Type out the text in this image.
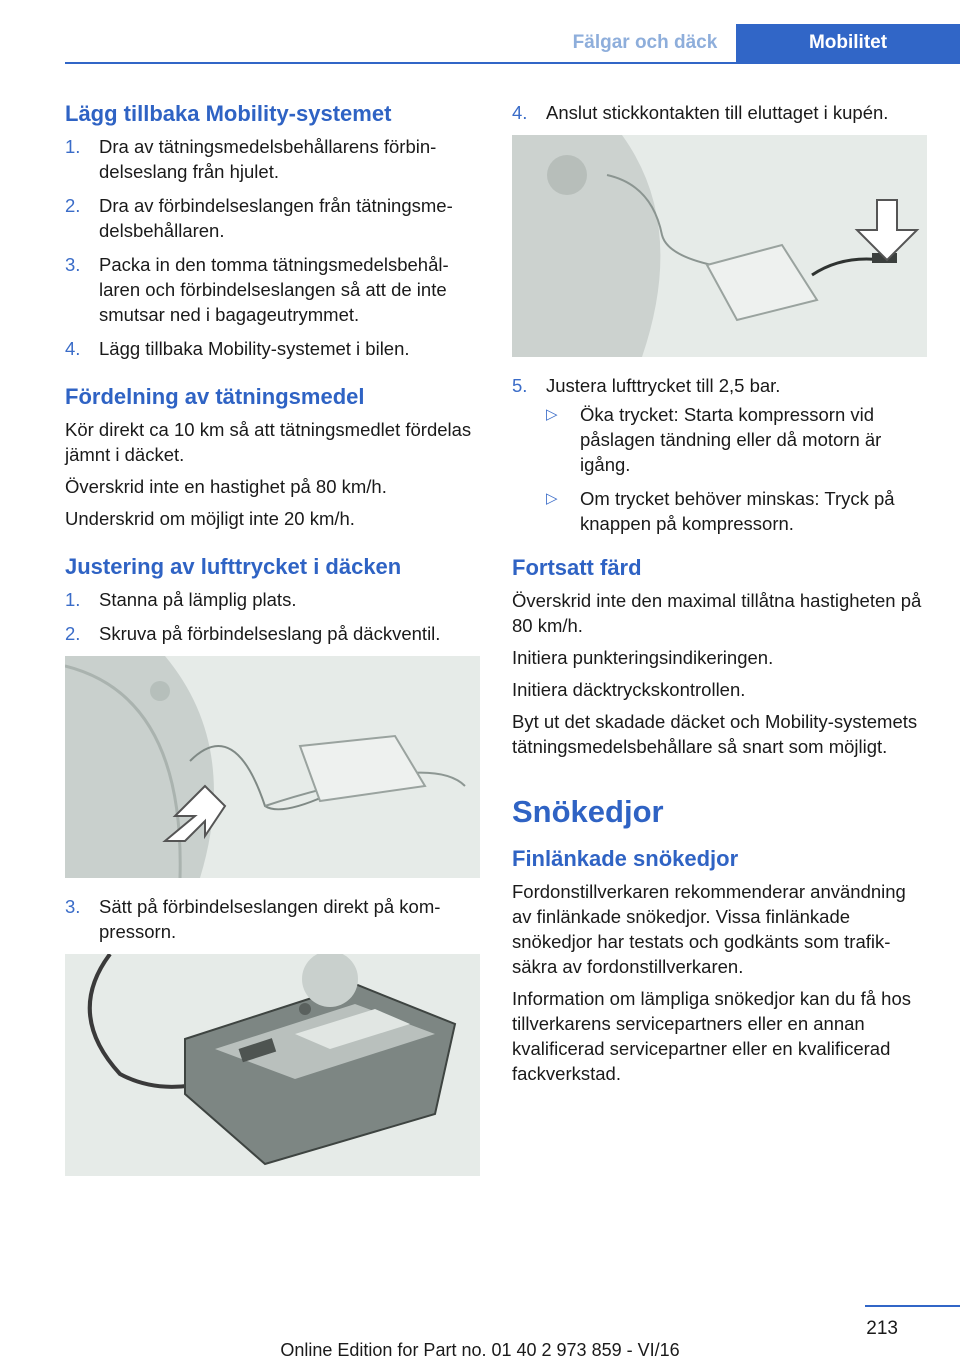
Fälgar och däck	Mobilitet
Lägg tillbaka Mobility-systemet
1. Dra av tätningsmedelsbehållarens förbindelseslang från hjulet.
2. Dra av förbindelseslangen från tätningsmedelsbehållaren.
3. Packa in den tomma tätningsmedelsbehållaren och förbindelseslangen så att de inte smutsar ned i bagageutrymmet.
4. Lägg tillbaka Mobility-systemet i bilen.
Fördelning av tätningsmedel

Kör direkt ca 10 km så att tätningsmedlet fördelas jämnt i däcket.

Överskrid inte en hastighet på 80 km/h.

Underskrid om möjligt inte 20 km/h.

Justering av lufttrycket i däcken
1. Stanna på lämplig plats.
2. Skruva på förbindelseslang på däckventil.
3. Sätt på förbindelseslangen direkt på kompressorn.
4. Anslut stickkontakten till eluttaget i kupén.
5. Justera lufttrycket till 2,5 bar.
▷ Öka trycket: Starta kompressorn vid påslagen tändning eller då motorn är igång.
▷ Om trycket behöver minskas: Tryck på knappen på kompressorn.
Fortsatt färd

Överskrid inte den maximal tillåtna hastigheten på 80 km/h.

Initiera punkteringsindikeringen.

Initiera däcktryckskontrollen.

Byt ut det skadade däcket och Mobility-systemets tätningsmedelsbehållare så snart som möjligt.

Snökedjor
Finlänkade snökedjor

Fordonstillverkaren rekommenderar användning av finlänkade snökedjor. Vissa finlänkade snökedjor har testats och godkänts som trafiksäkra av fordonstillverkaren.

Information om lämpliga snökedjor kan du få hos tillverkarens servicepartners eller en annan kvalificerad servicepartner eller en kvalificerad fackverkstad.

213
Online Edition for Part no. 01 40 2 973 859 - VI/16
